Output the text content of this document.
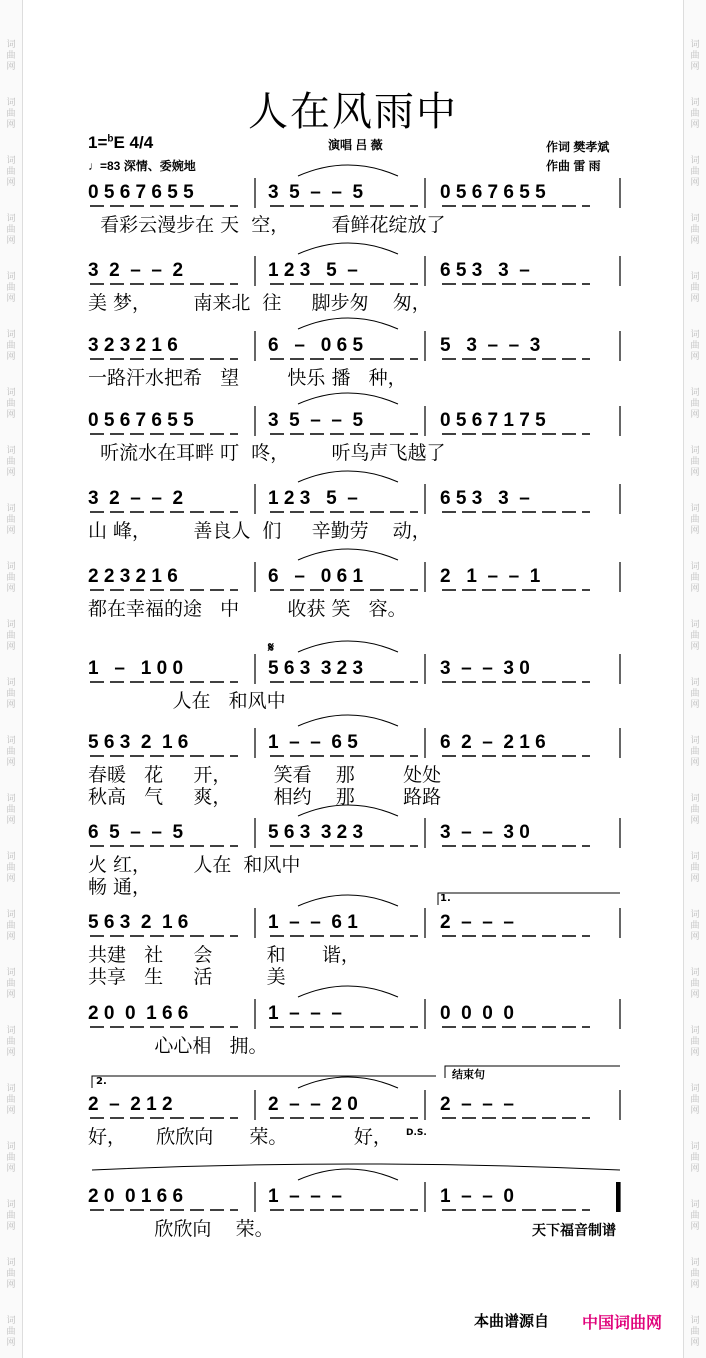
人在风雨中
1=$^b$E 4/4
♩=83 深情、委婉地
演唱 吕 薇	作词 樊孝斌
作曲 雷 雨
0 5 6 7 6 5 5	3  5  –  –  5	0 5 6 7 6 5 5
看彩云漫步在 天  空，       看鲜花绽放了
3  2  –  –  2	1 2 3   5  –	6 5 3   3  –
美 梦，       南来北  往     脚步匆    匆，
3 2 3 2 1 6	6   –   0 6 5	5   3  –  –  3
一路汗水把希   望        快乐 播   种，
0 5 6 7 6 5 5	3  5  –  –  5	0 5 6 7 1 7 5
听流水在耳畔 叮  咚，       听鸟声飞越了
3  2  –  –  2	1 2 3   5  –	6 5 3   3  –
山 峰，       善良人  们     辛勤劳    动，
2 2 3 2 1 6	6   –   0 6 1	2   1  –  –  1
都在幸福的途   中        收获 笑   容。
1   –   1 0 0	5 6 3  3 2 3	3  –  –  3 0
人在   和风中
5 6 3  2  1 6	1  –  –  6 5	6  2  –  2 1 6
春暖   花     开，       笑看    那        处处
秋高   气     爽，       相约    那        路路
6  5  –  –  5	5 6 3  3 2 3	3  –  –  3 0
火 红，       人在  和风中
畅 通，
5 6 3  2  1 6	1  –  –  6 1	2  –  –  –
共建   社     会         和      谐，
共享   生     活         美
2 0  0  1 6 6	1  –  –  –	0  0  0  0
心心相   拥。
2  –  2 1 2	2  –  –  2 0	2  –  –  –
好，     欣欣向      荣。           好，
2 0  0 1 6 6	1  –  –  –	1  –  –  0
欣欣向    荣。
𝄋
1.
2.
结束句
D.S.
天下福音制谱
本曲谱源自 中国词曲网
词
曲
网
词
曲
网
词
曲
网
词
曲
网
词
曲
网
词
曲
网
词
曲
网
词
曲
网
词
曲
网
词
曲
网
词
曲
网
词
曲
网
词
曲
网
词
曲
网
词
曲
网
词
曲
网
词
曲
网
词
曲
网
词
曲
网
词
曲
网
词
曲
网
词
曲
网
词
曲
网
词
曲
网
词
曲
网
词
曲
网
词
曲
网
词
曲
网
词
曲
网
词
曲
网
词
曲
网
词
曲
网
词
曲
网
词
曲
网
词
曲
网
词
曲
网
词
曲
网
词
曲
网
词
曲
网
词
曲
网
词
曲
网
词
曲
网
词
曲
网
词
曲
网
词
曲
网
词
曲
网
